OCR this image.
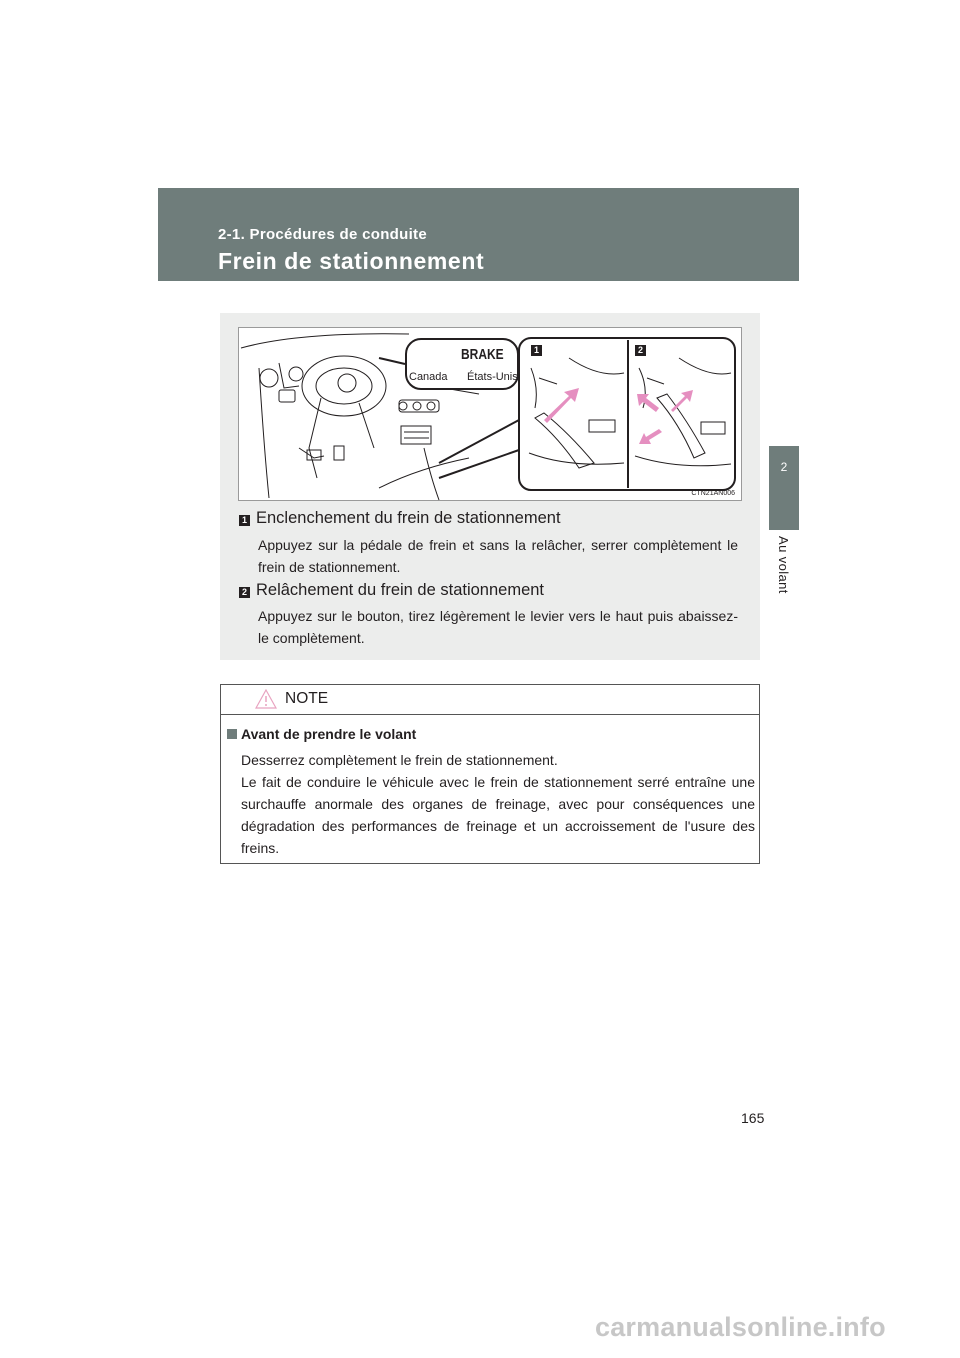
2-1. Procédures de conduite
Frein de stationnement
2
Au volant
BRAKE
Canada États-Unis
1	2
CTN21AN006
1 Enclenchement du frein de stationnement
Appuyez sur la pédale de frein et sans la relâcher, serrer complètement le frein de stationnement.
2 Relâchement du frein de stationnement
Appuyez sur le bouton, tirez légèrement le levier vers le haut puis abaissez-le complètement.
NOTE
Avant de prendre le volant

Desserrez complètement le frein de stationnement.

Le fait de conduire le véhicule avec le frein de stationnement serré entraîne une surchauffe anormale des organes de freinage, avec pour conséquences une dégradation des performances de freinage et un accroissement de l'usure des freins.

165
carmanualsonline.info
